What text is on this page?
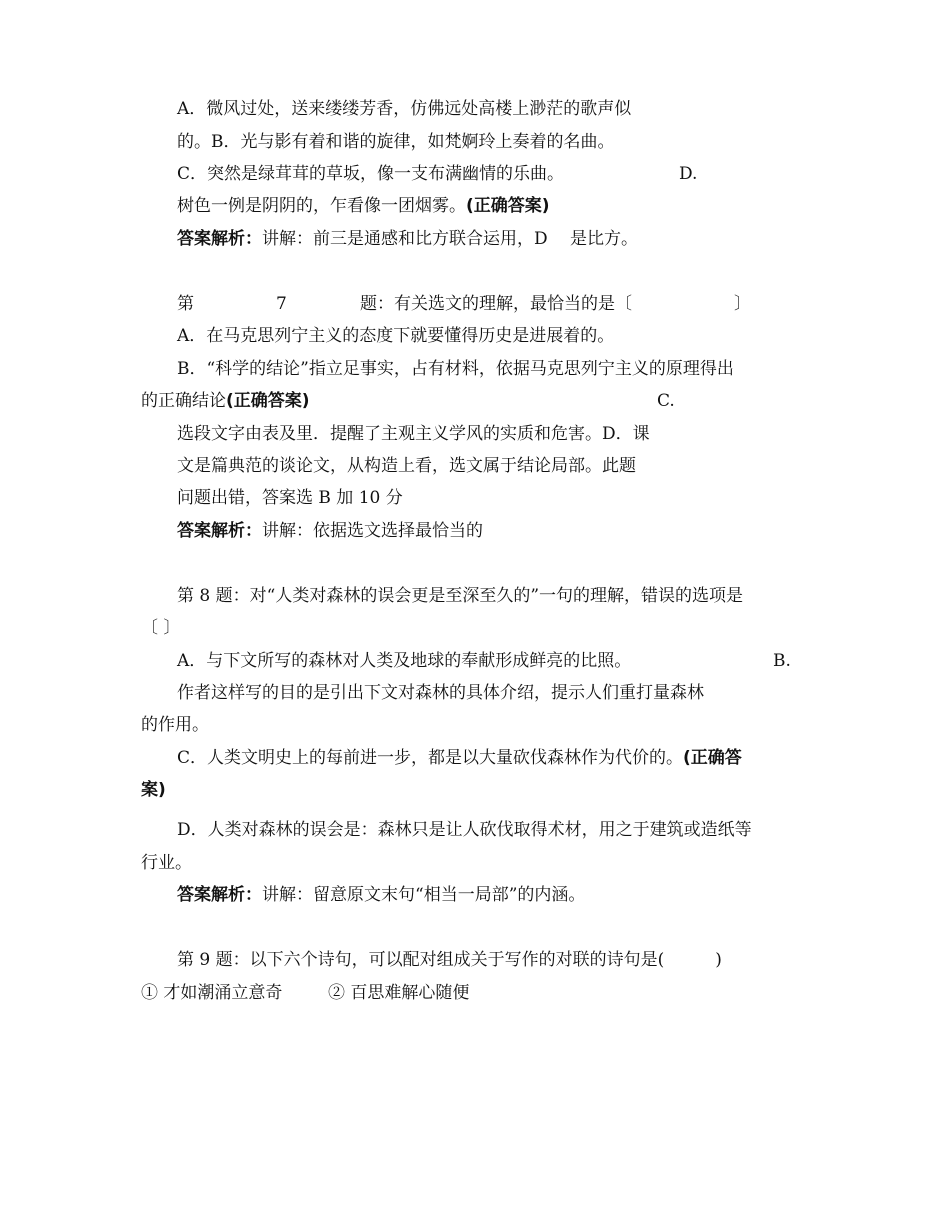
A．微风过处，送来缕缕芳香，仿佛远处高楼上渺茫的歌声似
的。B．光与影有着和谐的旋律，如梵婀玲上奏着的名曲。
C．突然是绿茸茸的草坂，像一支布满幽情的乐曲。	D.
树色一例是阴阴的，乍看像一团烟雾。(正确答案)
答案解析：讲解：前三是通感和比方联合运用，D　 是比方。
第	7	题：有关选文的理解，最恰当的是〔　　　　　　〕
A．在马克思列宁主义的态度下就要懂得历史是进展着的。
B．“科学的结论”指立足事实，占有材料，依据马克思列宁主义的原理得出
的正确结论(正确答案)	C.
选段文字由表及里．提醒了主观主义学风的实质和危害。D．课
文是篇典范的谈论文，从构造上看，选文属于结论局部。此题
问题出错，答案选 B 加 10 分
答案解析：讲解：依据选文选择最恰当的
第 8 题：对“人类对森林的误会更是至深至久的”一句的理解，错误的选项是
〔 〕
A．与下文所写的森林对人类及地球的奉献形成鲜亮的比照。	B.
作者这样写的目的是引出下文对森林的具体介绍，提示人们重打量森林
的作用。
C．人类文明史上的每前进一步，都是以大量砍伐森林作为代价的。(正确答
案)
D．人类对森林的误会是：森林只是让人砍伐取得术材，用之于建筑或造纸等
行业。
答案解析：讲解：留意原文末句“相当一局部”的内涵。
第 9 题：以下六个诗句，可以配对组成关于写作的对联的诗句是(　　　)
① 才如潮涌立意奇	② 百思难解心随便
